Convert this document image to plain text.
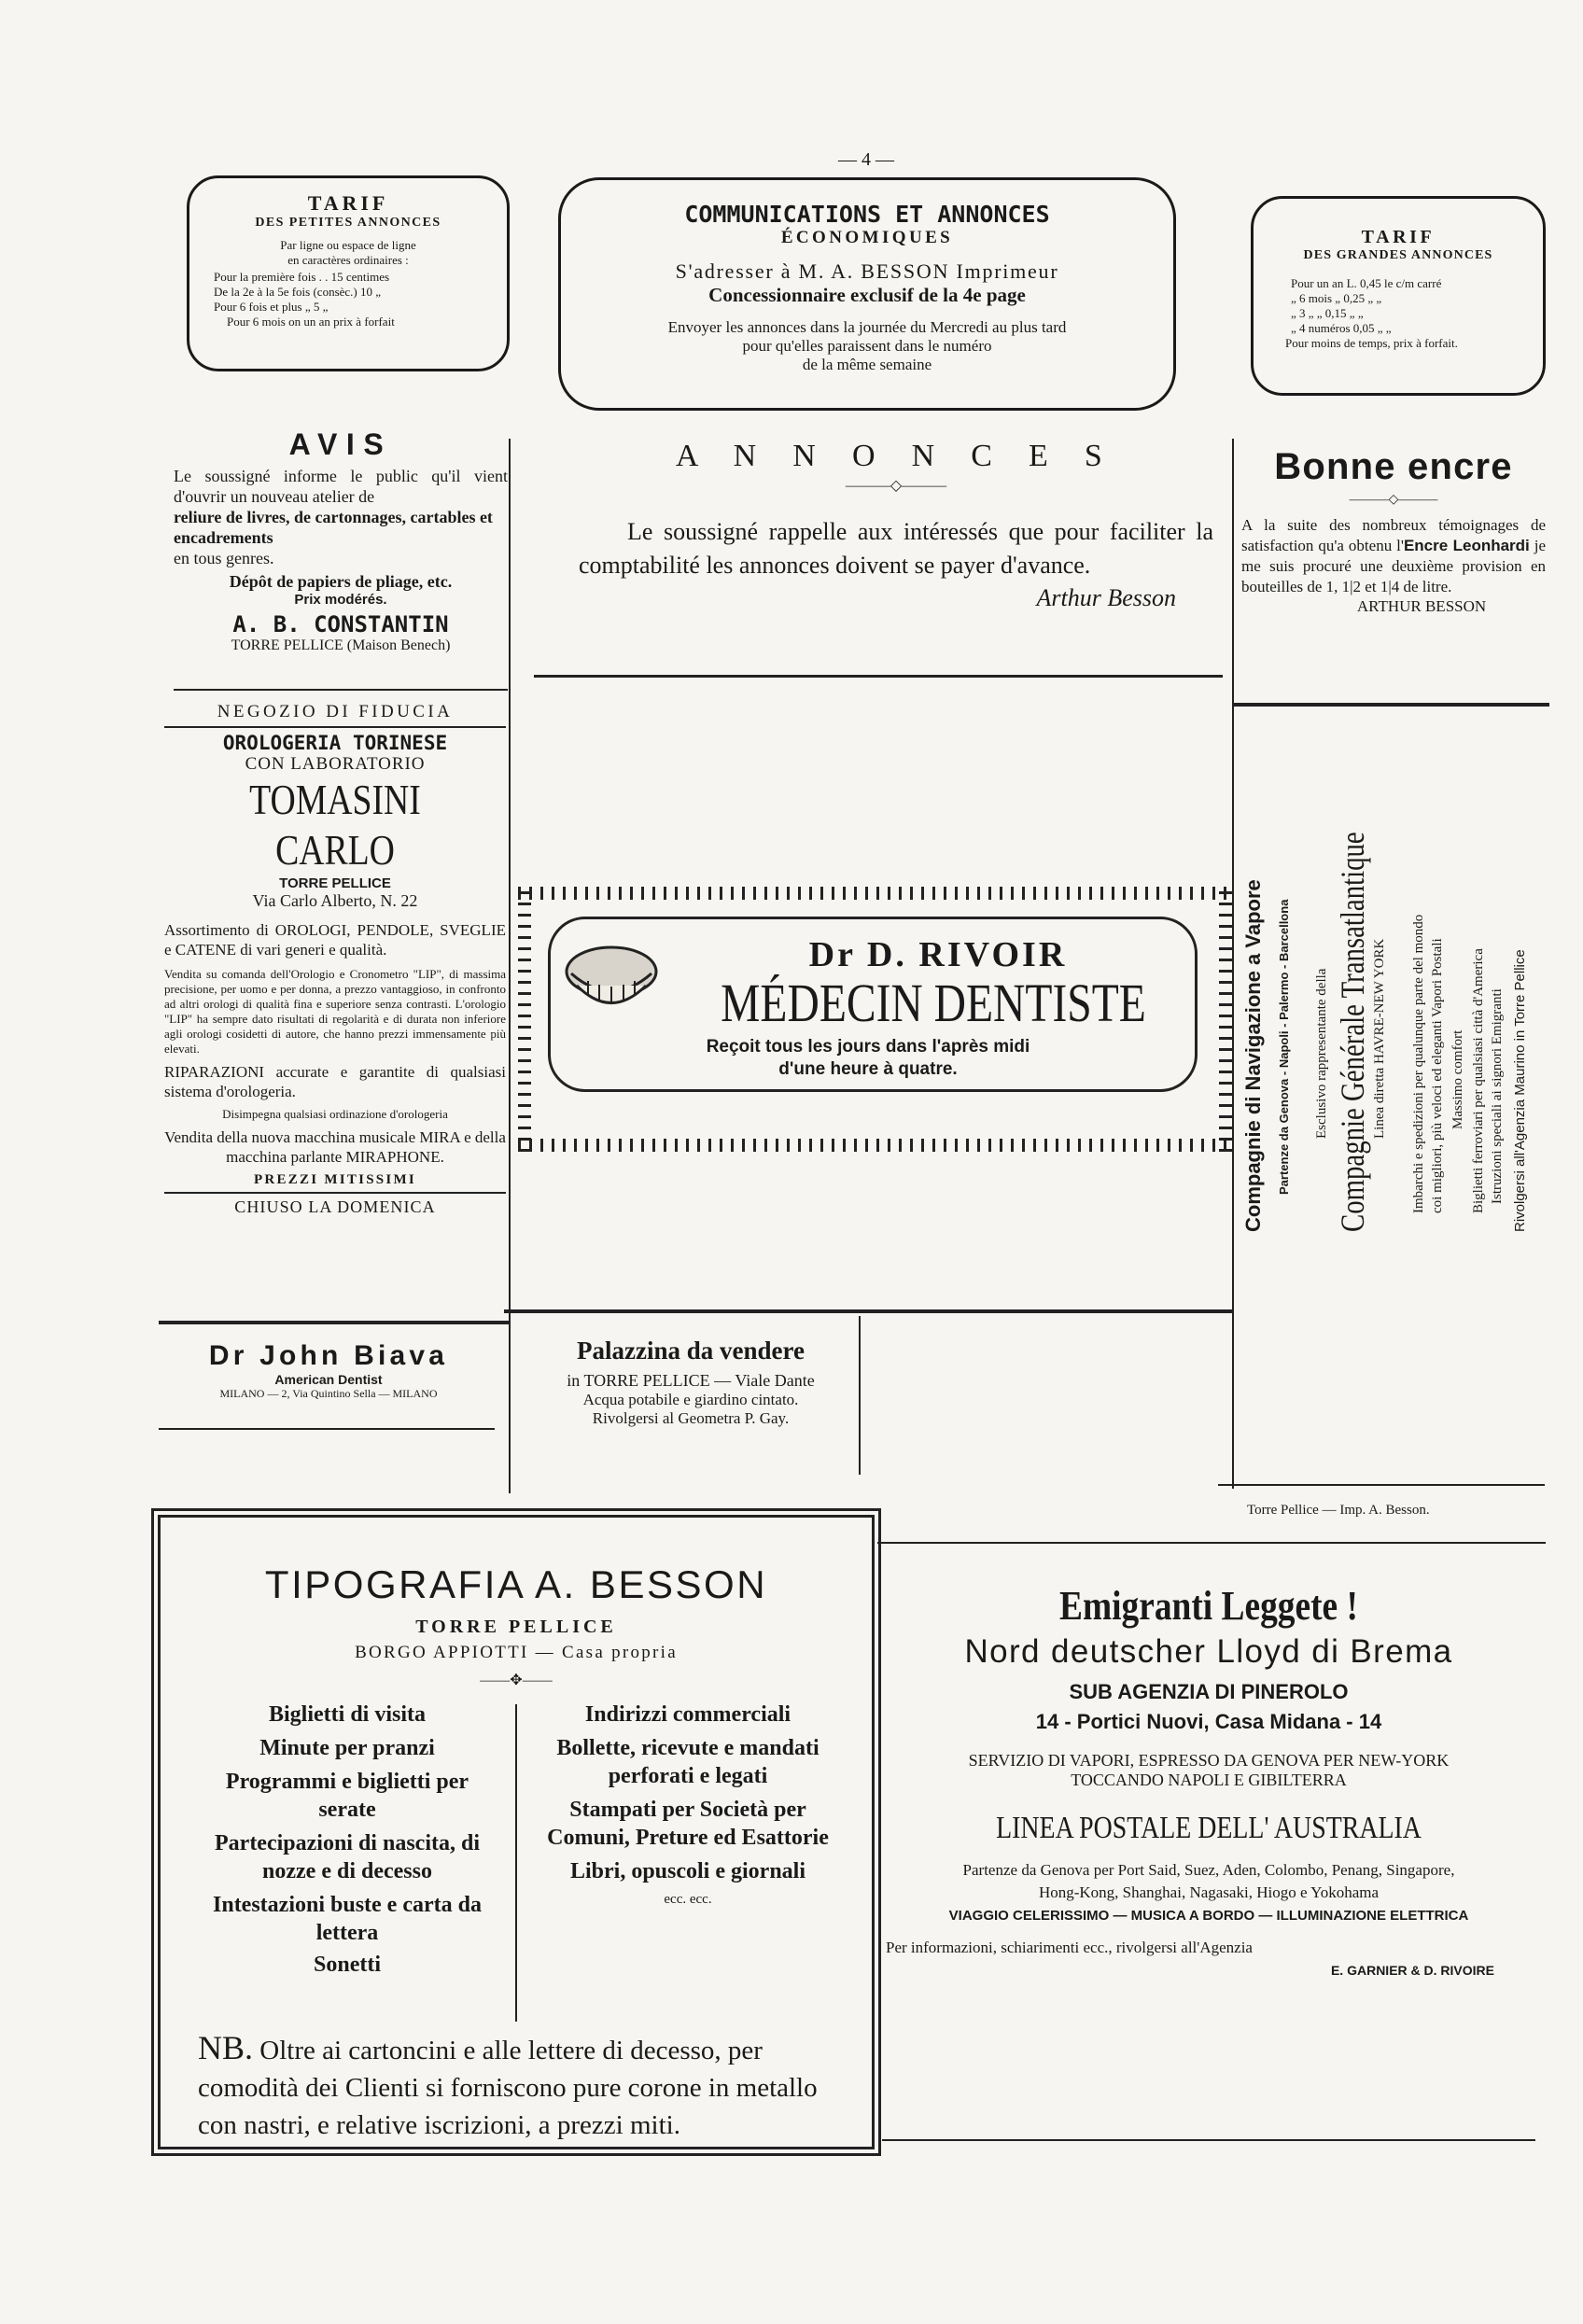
— 4 —
TARIF
DES PETITES ANNONCES
Par ligne ou espace de ligne
en caractères ordinaires :
Pour la première fois . . 15 centimes
De la 2e à la 5e fois (consèc.) 10 „
Pour 6 fois et plus „ 5 „
Pour 6 mois on un an prix à forfait
COMMUNICATIONS ET ANNONCES
ÉCONOMIQUES
S'adresser à M. A. BESSON Imprimeur
Concessionnaire exclusif de la 4e page
Envoyer les annonces dans la journée du Mercredi au plus tard
pour qu'elles paraissent dans le numéro
de la même semaine
TARIF
DES GRANDES ANNONCES
Pour un an L. 0,45 le c/m carré
„ 6 mois „ 0,25 „ „
„ 3 „ „ 0,15 „ „
„ 4 numéros 0,05 „ „
Pour moins de temps, prix à forfait.
AVIS
Le soussigné informe le public qu'il vient d'ouvrir un nouveau atelier de
reliure de livres, de cartonnages, cartables et encadrements
en tous genres.
Dépôt de papiers de pliage, etc.
Prix modérés.
A. B. CONSTANTIN
TORRE PELLICE (Maison Benech)
NEGOZIO DI FIDUCIA
OROLOGERIA TORINESE
CON LABORATORIO
TOMASINI CARLO
TORRE PELLICE
Via Carlo Alberto, N. 22
Assortimento di OROLOGI, PENDOLE, SVEGLIE e CATENE di vari generi e qualità.
Vendita su comanda dell'Orologio e Cronometro "LIP", di massima precisione, per uomo e per donna, a prezzo vantaggioso, in confronto ad altri orologi di qualità fina e superiore senza contrasti. L'orologio "LIP" ha sempre dato risultati di regolarità e di durata non inferiore agli orologi cosidetti di autore, che hanno prezzi immensamente più elevati.
RIPARAZIONI accurate e garantite di qualsiasi sistema d'orologeria.
Disimpegna qualsiasi ordinazione d'orologeria
Vendita della nuova macchina musicale MIRA e della macchina parlante MIRAPHONE.
PREZZI MITISSIMI
CHIUSO LA DOMENICA
Dr John Biava
American Dentist
MILANO — 2, Via Quintino Sella — MILANO
A N N O N C E S
———◇———
Le soussigné rappelle aux intéressés que pour faciliter la comptabilité les annonces doivent se payer d'avance.
Arthur Besson
Dr D. RIVOIR
MÉDECIN DENTISTE
Reçoit tous les jours dans l'après midi
d'une heure à quatre.
Palazzina da vendere
in TORRE PELLICE — Viale Dante
Acqua potabile e giardino cintato.
Rivolgersi al Geometra P. Gay.
Bonne encre
———◇———
A la suite des nombreux témoignages de satisfaction qu'a obtenu l'Encre Leonhardi je me suis procuré une deuxième provision en bouteilles de 1, 1|2 et 1|4 de litre.
ARTHUR BESSON
Compagnie di Navigazione a Vapore Partenze da Genova - Napoli - Palermo - Barcellona Esclusivo rappresentante della Compagnie Générale Transatlantique Linea diretta HAVRE-NEW YORK Imbarchi e spedizioni per qualunque parte del mondo coi migliori, più veloci ed eleganti Vapori Postali Massimo comfort Biglietti ferroviari per qualsiasi città d'America Istruzioni speciali ai signori Emigranti Rivolgersi all'Agenzia Maurino in Torre Pellice
Torre Pellice — Imp. A. Besson.
TIPOGRAFIA A. BESSON
TORRE PELLICE
BORGO APPIOTTI — Casa propria
——✥——
Biglietti di visita
Minute per pranzi
Programmi e biglietti per serate
Partecipazioni di nascita, di nozze e di decesso
Intestazioni buste e carta da lettera
Sonetti
Indirizzi commerciali
Bollette, ricevute e mandati perforati e legati
Stampati per Società per Comuni, Preture ed Esattorie
Libri, opuscoli e giornali
ecc. ecc.
NB. Oltre ai cartoncini e alle lettere di decesso, per comodità dei Clienti si forniscono pure corone in metallo con nastri, e relative iscrizioni, a prezzi miti.
Emigranti Leggete !
Nord deutscher Lloyd di Brema
SUB AGENZIA DI PINEROLO
14 - Portici Nuovi, Casa Midana - 14
SERVIZIO DI VAPORI, ESPRESSO DA GENOVA PER NEW-YORK
TOCCANDO NAPOLI E GIBILTERRA
LINEA POSTALE DELL' AUSTRALIA
Partenze da Genova per Port Said, Suez, Aden, Colombo, Penang, Singapore,
Hong-Kong, Shanghai, Nagasaki, Hiogo e Yokohama
VIAGGIO CELERISSIMO — MUSICA A BORDO — ILLUMINAZIONE ELETTRICA
Per informazioni, schiarimenti ecc., rivolgersi all'Agenzia
E. GARNIER & D. RIVOIRE
